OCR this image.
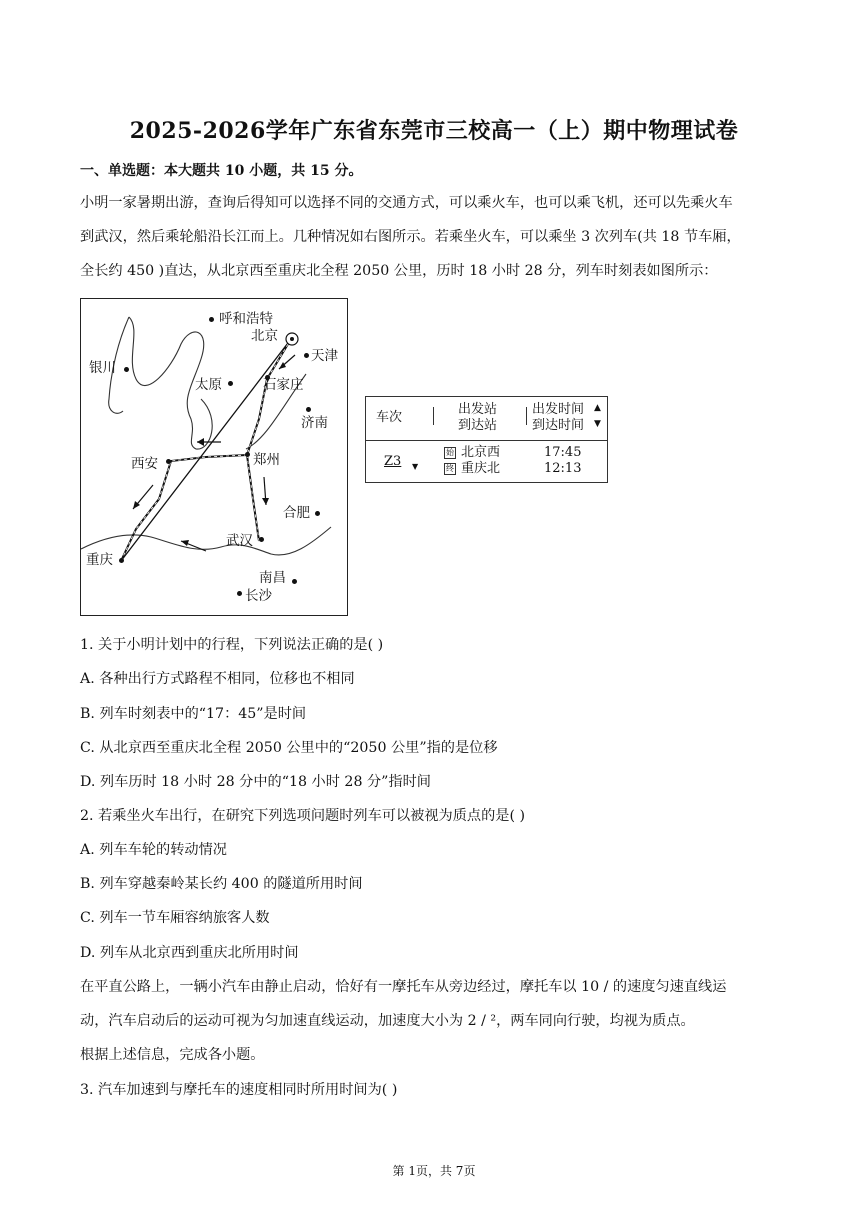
2025-2026学年广东省东莞市三校高一（上）期中物理试卷
一、单选题：本大题共 10 小题，共 15 分。
小明一家暑期出游，查询后得知可以选择不同的交通方式，可以乘火车，也可以乘飞机，还可以先乘火车
到武汉，然后乘轮船沿长江而上。几种情况如右图所示。若乘坐火车，可以乘坐 3 次列车(共 18 节车厢，
全长约 450 )直达，从北京西至重庆北全程 2050 公里，历时 18 小时 28 分，列车时刻表如图所示：
呼和浩特
北京
天津
银川
太原	石家庄
济南
西安	郑州
合肥
武汉
重庆
南昌
长沙
车次
出发站
到达站
出发时间
到达时间
▲
▼
Z3 ▼
始 北京西
终 重庆北
17:45
12:13
1. 关于小明计划中的行程，下列说法正确的是( )
A. 各种出行方式路程不相同，位移也不相同
B. 列车时刻表中的“17：45”是时间
C. 从北京西至重庆北全程 2050 公里中的“2050 公里”指的是位移
D. 列车历时 18 小时 28 分中的“18 小时 28 分”指时间
2. 若乘坐火车出行，在研究下列选项问题时列车可以被视为质点的是( )
A. 列车车轮的转动情况
B. 列车穿越秦岭某长约 400 的隧道所用时间
C. 列车一节车厢容纳旅客人数
D. 列车从北京西到重庆北所用时间
在平直公路上，一辆小汽车由静止启动，恰好有一摩托车从旁边经过，摩托车以 10 / 的速度匀速直线运
动，汽车启动后的运动可视为匀加速直线运动，加速度大小为 2 / ²，两车同向行驶，均视为质点。
根据上述信息，完成各小题。
3. 汽车加速到与摩托车的速度相同时所用时间为( )
第 1页，共 7页
